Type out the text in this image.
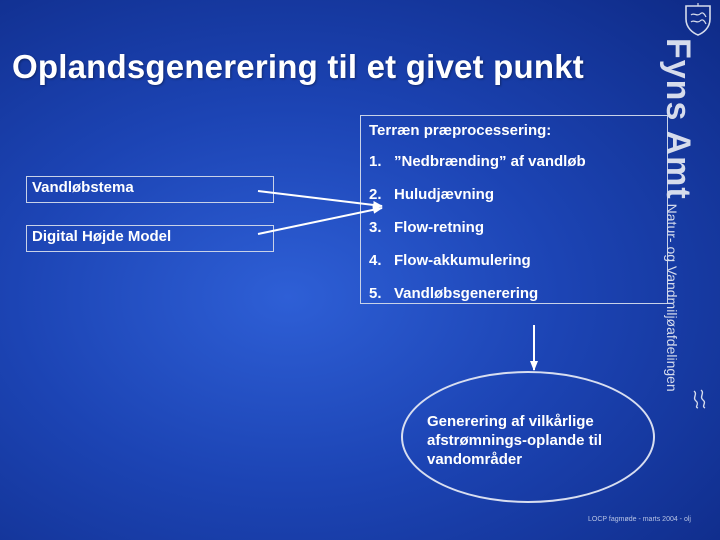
Oplandsgenerering til et givet punkt
Vandløbstema
Digital Højde Model
Terræn præprocessering:
1. ”Nedbrænding” af vandløb
2. Huludjævning
3. Flow-retning
4. Flow-akkumulering
5. Vandløbsgenerering
Generering af vilkårlige afstrømnings-oplande til vandområder
Fyns AmtNatur- og Vandmiljøafdelingen
LOCP fagmøde - marts 2004 - olj
